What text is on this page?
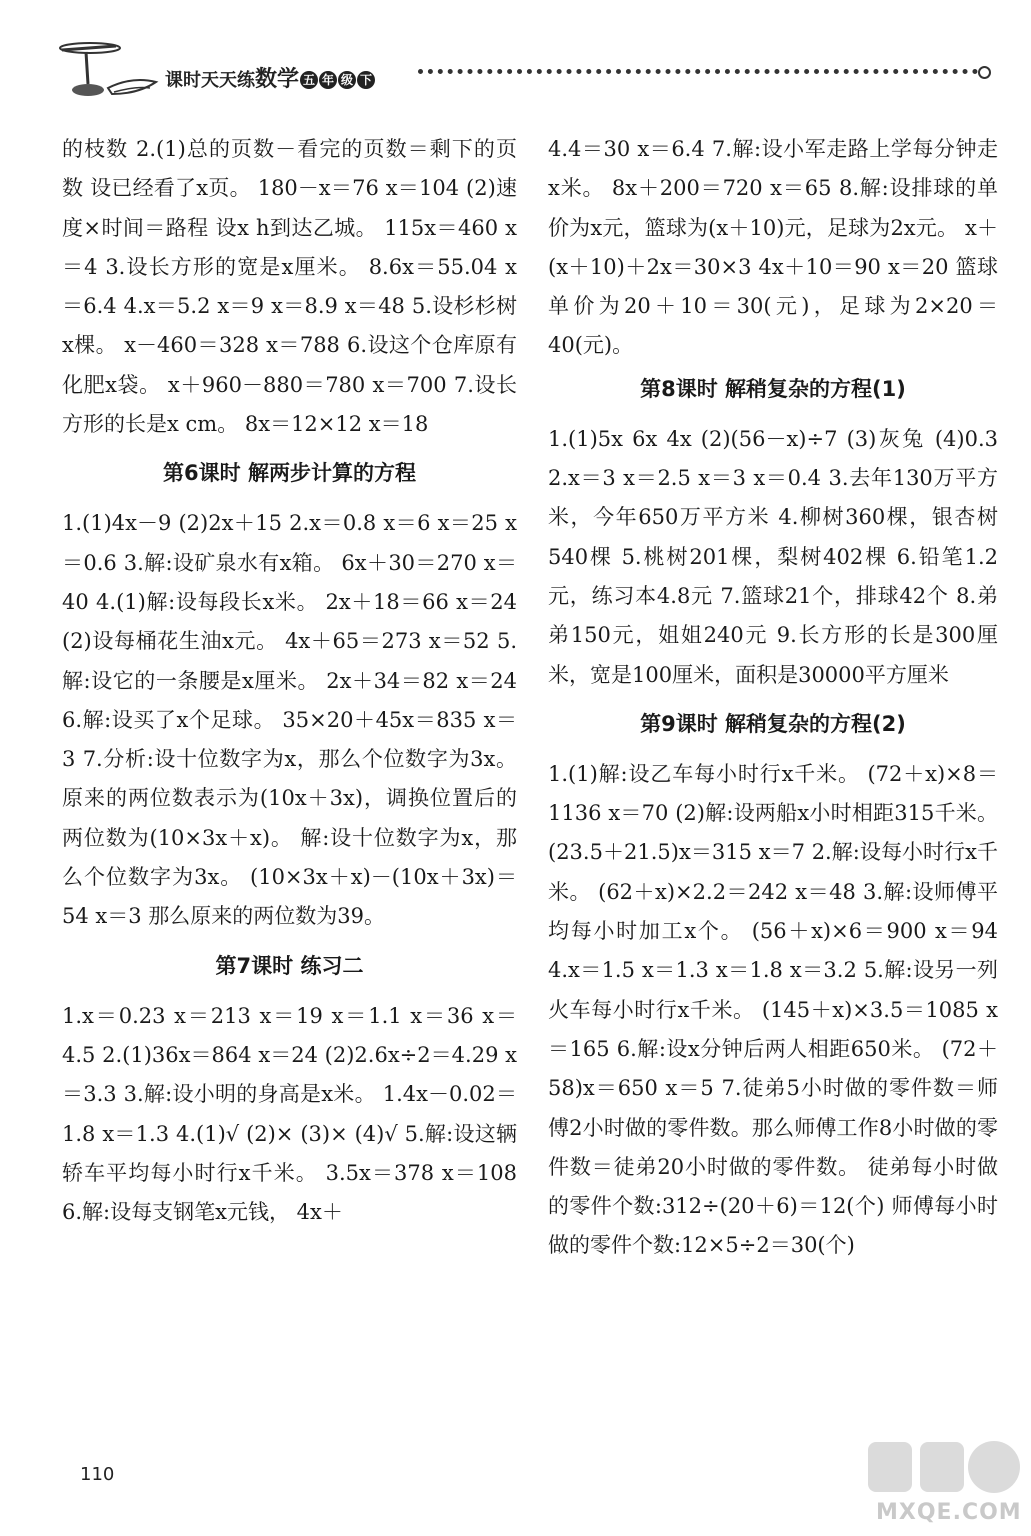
课时天天练数学 五 年 级 下

的枝数 2.(1)总的页数－看完的页数＝剩下的页数 设已经看了x页。 180－x＝76 x＝104 (2)速度×时间＝路程 设x h到达乙城。 115x＝460 x＝4 3.设长方形的宽是x厘米。 8.6x＝55.04 x＝6.4 4.x＝5.2 x＝9 x＝8.9 x＝48 5.设杉杉树x棵。 x－460＝328 x＝788 6.设这个仓库原有化肥x袋。 x＋960－880＝780 x＝700 7.设长方形的长是x cm。 8x＝12×12 x＝18

第6课时 解两步计算的方程

1.(1)4x－9 (2)2x＋15 2.x＝0.8 x＝6 x＝25 x＝0.6 3.解:设矿泉水有x箱。 6x＋30＝270 x＝40 4.(1)解:设每段长x米。 2x＋18＝66 x＝24 (2)设每桶花生油x元。 4x＋65＝273 x＝52 5.解:设它的一条腰是x厘米。 2x＋34＝82 x＝24 6.解:设买了x个足球。 35×20＋45x＝835 x＝3 7.分析:设十位数字为x，那么个位数字为3x。原来的两位数表示为(10x＋3x)，调换位置后的两位数为(10×3x＋x)。 解:设十位数字为x，那么个位数字为3x。 (10×3x＋x)－(10x＋3x)＝54 x＝3 那么原来的两位数为39。

第7课时 练习二

1.x＝0.23 x＝213 x＝19 x＝1.1 x＝36 x＝4.5 2.(1)36x＝864 x＝24 (2)2.6x÷2＝4.29 x＝3.3 3.解:设小明的身高是x米。 1.4x－0.02＝1.8 x＝1.3 4.(1)√ (2)× (3)× (4)√ 5.解:设这辆轿车平均每小时行x千米。 3.5x＝378 x＝108 6.解:设每支钢笔x元钱， 4x＋

4.4＝30 x＝6.4 7.解:设小军走路上学每分钟走x米。 8x＋200＝720 x＝65 8.解:设排球的单价为x元，篮球为(x＋10)元，足球为2x元。 x＋(x＋10)＋2x＝30×3 4x＋10＝90 x＝20 篮球单价为20＋10＝30(元)，足球为2×20＝40(元)。

第8课时 解稍复杂的方程(1)

1.(1)5x 6x 4x (2)(56－x)÷7 (3)灰兔 (4)0.3 2.x＝3 x＝2.5 x＝3 x＝0.4 3.去年130万平方米，今年650万平方米 4.柳树360棵，银杏树540棵 5.桃树201棵，梨树402棵 6.铅笔1.2元，练习本4.8元 7.篮球21个，排球42个 8.弟弟150元，姐姐240元 9.长方形的长是300厘米，宽是100厘米，面积是30000平方厘米

第9课时 解稍复杂的方程(2)

1.(1)解:设乙车每小时行x千米。 (72＋x)×8＝1136 x＝70 (2)解:设两船x小时相距315千米。 (23.5＋21.5)x＝315 x＝7 2.解:设每小时行x千米。 (62＋x)×2.2＝242 x＝48 3.解:设师傅平均每小时加工x个。 (56＋x)×6＝900 x＝94 4.x＝1.5 x＝1.3 x＝1.8 x＝3.2 5.解:设另一列火车每小时行x千米。 (145＋x)×3.5＝1085 x＝165 6.解:设x分钟后两人相距650米。 (72＋58)x＝650 x＝5 7.徒弟5小时做的零件数＝师傅2小时做的零件数。那么师傅工作8小时做的零件数＝徒弟20小时做的零件数。 徒弟每小时做的零件个数:312÷(20＋6)＝12(个) 师傅每小时做的零件个数:12×5÷2＝30(个)

110
MXQE.COM
